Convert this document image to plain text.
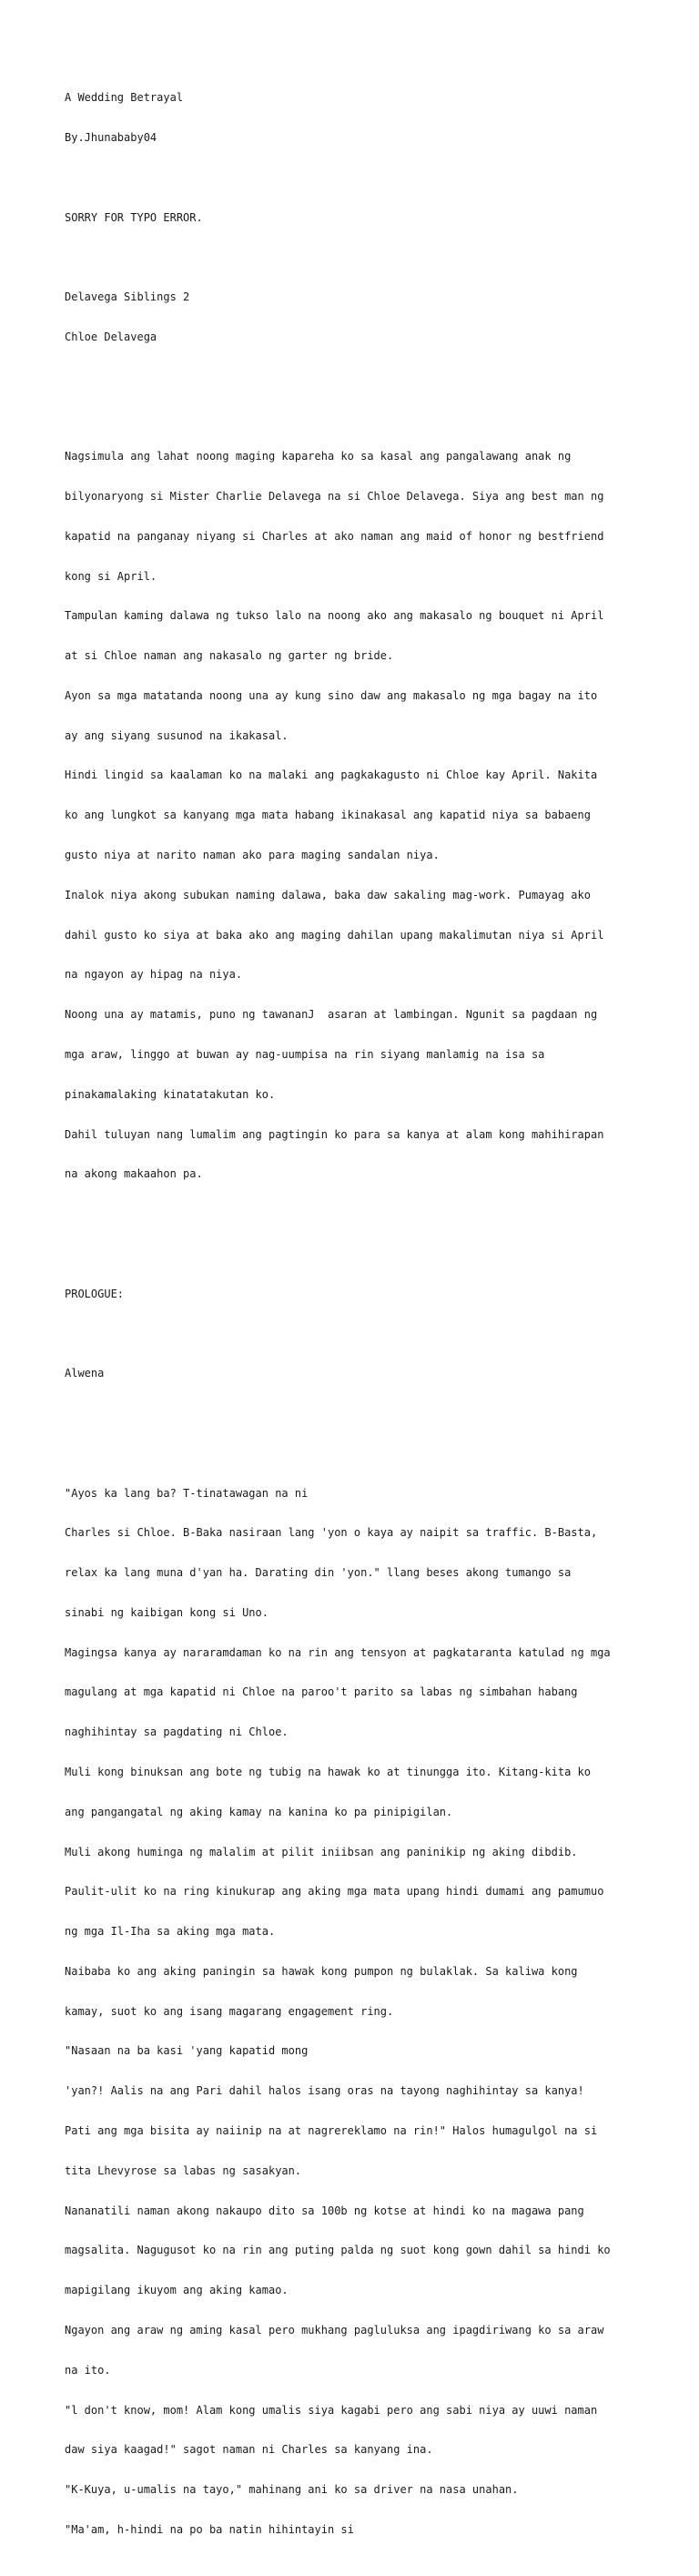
A Wedding Betrayal

By.Jhunababy04

SORRY FOR TYPO ERROR.

Delavega Siblings 2

Chloe Delavega

Nagsimula ang lahat noong maging kapareha ko sa kasal ang pangalawang anak ng

bilyonaryong si Mister Charlie Delavega na si Chloe Delavega. Siya ang best man ng

kapatid na panganay niyang si Charles at ako naman ang maid of honor ng bestfriend

kong si April.

Tampulan kaming dalawa ng tukso lalo na noong ako ang makasalo ng bouquet ni April

at si Chloe naman ang nakasalo ng garter ng bride.

Ayon sa mga matatanda noong una ay kung sino daw ang makasalo ng mga bagay na ito

ay ang siyang susunod na ikakasal.

Hindi lingid sa kaalaman ko na malaki ang pagkakagusto ni Chloe kay April. Nakita

ko ang lungkot sa kanyang mga mata habang ikinakasal ang kapatid niya sa babaeng

gusto niya at narito naman ako para maging sandalan niya.

Inalok niya akong subukan naming dalawa, baka daw sakaling mag-work. Pumayag ako

dahil gusto ko siya at baka ako ang maging dahilan upang makalimutan niya si April

na ngayon ay hipag na niya.

Noong una ay matamis, puno ng tawananJ  asaran at lambingan. Ngunit sa pagdaan ng

mga araw, linggo at buwan ay nag-uumpisa na rin siyang manlamig na isa sa

pinakamalaking kinatatakutan ko.

Dahil tuluyan nang lumalim ang pagtingin ko para sa kanya at alam kong mahihirapan

na akong makaahon pa.

PROLOGUE:

Alwena

"Ayos ka lang ba? T-tinatawagan na ni

Charles si Chloe. B-Baka nasiraan lang 'yon o kaya ay naipit sa traffic. B-Basta,

relax ka lang muna d'yan ha. Darating din 'yon." llang beses akong tumango sa

sinabi ng kaibigan kong si Uno.

Magingsa kanya ay nararamdaman ko na rin ang tensyon at pagkataranta katulad ng mga

magulang at mga kapatid ni Chloe na paroo't parito sa labas ng simbahan habang

naghihintay sa pagdating ni Chloe.

Muli kong binuksan ang bote ng tubig na hawak ko at tinungga ito. Kitang-kita ko

ang pangangatal ng aking kamay na kanina ko pa pinipigilan.

Muli akong huminga ng malalim at pilit iniibsan ang paninikip ng aking dibdib.

Paulit-ulit ko na ring kinukurap ang aking mga mata upang hindi dumami ang pamumuo

ng mga Il-Iha sa aking mga mata.

Naibaba ko ang aking paningin sa hawak kong pumpon ng bulaklak. Sa kaliwa kong

kamay, suot ko ang isang magarang engagement ring.

"Nasaan na ba kasi 'yang kapatid mong

'yan?! Aalis na ang Pari dahil halos isang oras na tayong naghihintay sa kanya!

Pati ang mga bisita ay naiinip na at nagrereklamo na rin!" Halos humagulgol na si

tita Lhevyrose sa labas ng sasakyan.

Nananatili naman akong nakaupo dito sa 100b ng kotse at hindi ko na magawa pang

magsalita. Nagugusot ko na rin ang puting palda ng suot kong gown dahil sa hindi ko

mapigilang ikuyom ang aking kamao.

Ngayon ang araw ng aming kasal pero mukhang pagluluksa ang ipagdiriwang ko sa araw

na ito.

"l don't know, mom! Alam kong umalis siya kagabi pero ang sabi niya ay uuwi naman

daw siya kaagad!" sagot naman ni Charles sa kanyang ina.

"K-Kuya, u-umalis na tayo," mahinang ani ko sa driver na nasa unahan.

"Ma'am, h-hindi na po ba natin hihintayin si
